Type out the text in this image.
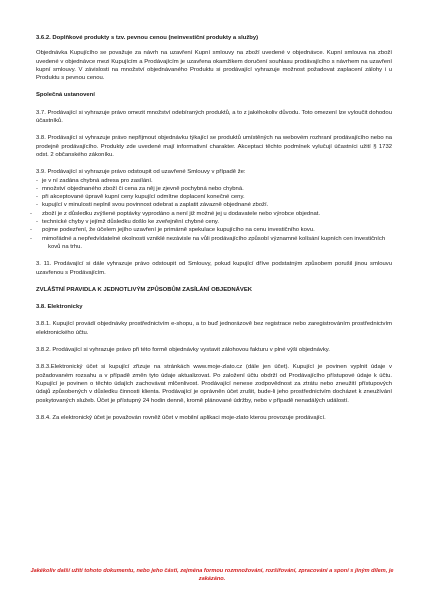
3.6.2. Doplňkové produkty s tzv. pevnou cenou (neinvestiční produkty a služby)

Objednávka Kupujícího se považuje za návrh na uzavření Kupní smlouvy na zboží uvedené v objednávce. Kupní smlouva na zboží uvedené v objednávce mezi Kupujícím a Prodávajícím je uzavřena okamžikem doručení souhlasu prodávajícího s návrhem na uzavření kupní smlouvy. V závislosti na množství objednávaného Produktu si prodávající vyhrazuje možnost požadovat zaplacení zálohy i u Produktu s pevnou cenou.

Společná ustanovení

3.7. Prodávající si vyhrazuje právo omezit množství odebíraných produktů, a to z jakéhokoliv důvodu. Toto omezení lze vyloučit dohodou účastníků.

3.8. Prodávající si vyhrazuje právo nepřijmout objednávku týkající se produktů umístěných na webovém rozhraní prodávajícího nebo na prodejně prodávajícího. Produkty zde uvedené mají informativní charakter. Akceptaci těchto podmínek vylučují účastníci užití § 1732 odst. 2 občanského zákoníku.

3.9. Prodávající si vyhrazuje právo odstoupit od uzavřené Smlouvy v případě že:

- je v ní zadána chybná adresa pro zasílání.
- množství objednaného zboží či cena za něj je zjevně pochybná nebo chybná.
- při akceptované úpravě kupní ceny kupující odmítne doplacení konečné ceny.
- kupující v minulosti neplnil svou povinnost odebrat a zaplatit závazně objednané zboží.
- zboží je z důsledku zvýšené poptávky vyprodáno a není již možné jej u dodavatele nebo výrobce objednat.
- technické chyby v jejímž důsledku došlo ke zveřejnění chybné ceny.
- pojme podezření, že účelem jejího uzavření je primárně spekulace kupujícího na cenu investičního kovu.
- mimořádné a nepředvídatelné okolnosti vzniklé nezávisle na vůli prodávajícího způsobí významné kolísání kupních cen investičních kovů na trhu.

3. 11. Prodávající si dále vyhrazuje právo odstoupit od Smlouvy, pokud kupující dříve podstatným způsobem porušil jinou smlouvu uzavřenou s Prodávajícím.

ZVLÁŠTNÍ PRAVIDLA K JEDNOTLIVÝM ZPŮSOBŮM ZASÍLÁNÍ OBJEDNÁVEK

3.8. Elektronicky

3.8.1. Kupující provádí objednávky prostřednictvím e-shopu, a to buď jednorázově bez registrace nebo zaregistrováním prostřednictvím elektronického účtu.

3.8.2. Prodávající si vyhrazuje právo při této formě objednávky vystavit zálohovou fakturu v plné výši objednávky.

3.8.3.Elektronický účet si kupující zřizuje na stránkách www.moje-zlato.cz (dále jen účet). Kupující je povinen vyplnit údaje v požadovaném rozsahu a v případě změn tyto údaje aktualizovat. Po založení účtu obdrží od Prodávajícího přístupové údaje k účtu. Kupující je povinen o těchto údajích zachovávat mlčenlivost. Prodávající nenese zodpovědnost za ztrátu nebo zneužití přístupových údajů způsobených v důsledku činnosti klienta. Prodávající je oprávněn účet zrušit, bude-li jeho prostřednictvím docházet k zneužívání poskytovaných služeb. Účet je přístupný 24 hodin denně, kromě plánované údržby, nebo v případě nenadálých událostí.

3.8.4. Za elektronický účet je považován rovněž účet v mobilní aplikaci moje-zlato kterou provozuje prodávající.

Jakékoliv další užití tohoto dokumentu, nebo jeho části, zejména formou rozmnožování, rozšiřování, zpracování a sponí s jiným dílem, je zakázáno.
